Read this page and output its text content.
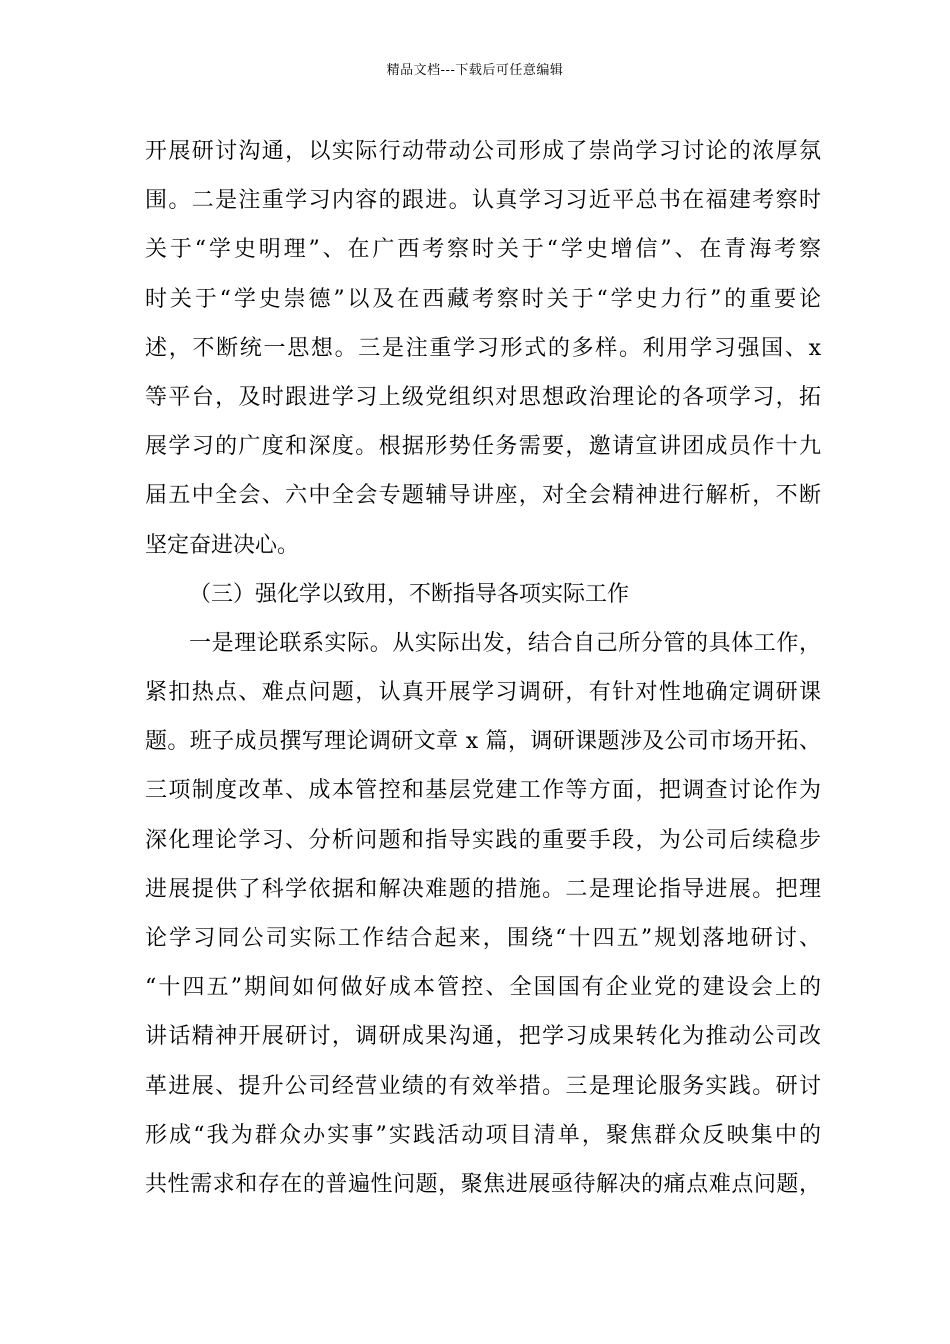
精品文档---下载后可任意编辑
开展研讨沟通，以实际行动带动公司形成了崇尚学习讨论的浓厚氛
围。二是注重学习内容的跟进。认真学习习近平总书在福建考察时
关于“学史明理”、在广西考察时关于“学史增信”、在青海考察
时关于“学史崇德”以及在西藏考察时关于“学史力行”的重要论
述，不断统一思想。三是注重学习形式的多样。利用学习强国、x
等平台，及时跟进学习上级党组织对思想政治理论的各项学习，拓
展学习的广度和深度。根据形势任务需要，邀请宣讲团成员作十九
届五中全会、六中全会专题辅导讲座，对全会精神进行解析，不断
坚定奋进决心。
（三）强化学以致用，不断指导各项实际工作
一是理论联系实际。从实际出发，结合自己所分管的具体工作，
紧扣热点、难点问题，认真开展学习调研，有针对性地确定调研课
题。班子成员撰写理论调研文章 x 篇，调研课题涉及公司市场开拓、
三项制度改革、成本管控和基层党建工作等方面，把调查讨论作为
深化理论学习、分析问题和指导实践的重要手段，为公司后续稳步
进展提供了科学依据和解决难题的措施。二是理论指导进展。把理
论学习同公司实际工作结合起来，围绕“十四五”规划落地研讨、
“十四五”期间如何做好成本管控、全国国有企业党的建设会上的
讲话精神开展研讨，调研成果沟通，把学习成果转化为推动公司改
革进展、提升公司经营业绩的有效举措。三是理论服务实践。研讨
形成“我为群众办实事”实践活动项目清单，聚焦群众反映集中的
共性需求和存在的普遍性问题，聚焦进展亟待解决的痛点难点问题，
